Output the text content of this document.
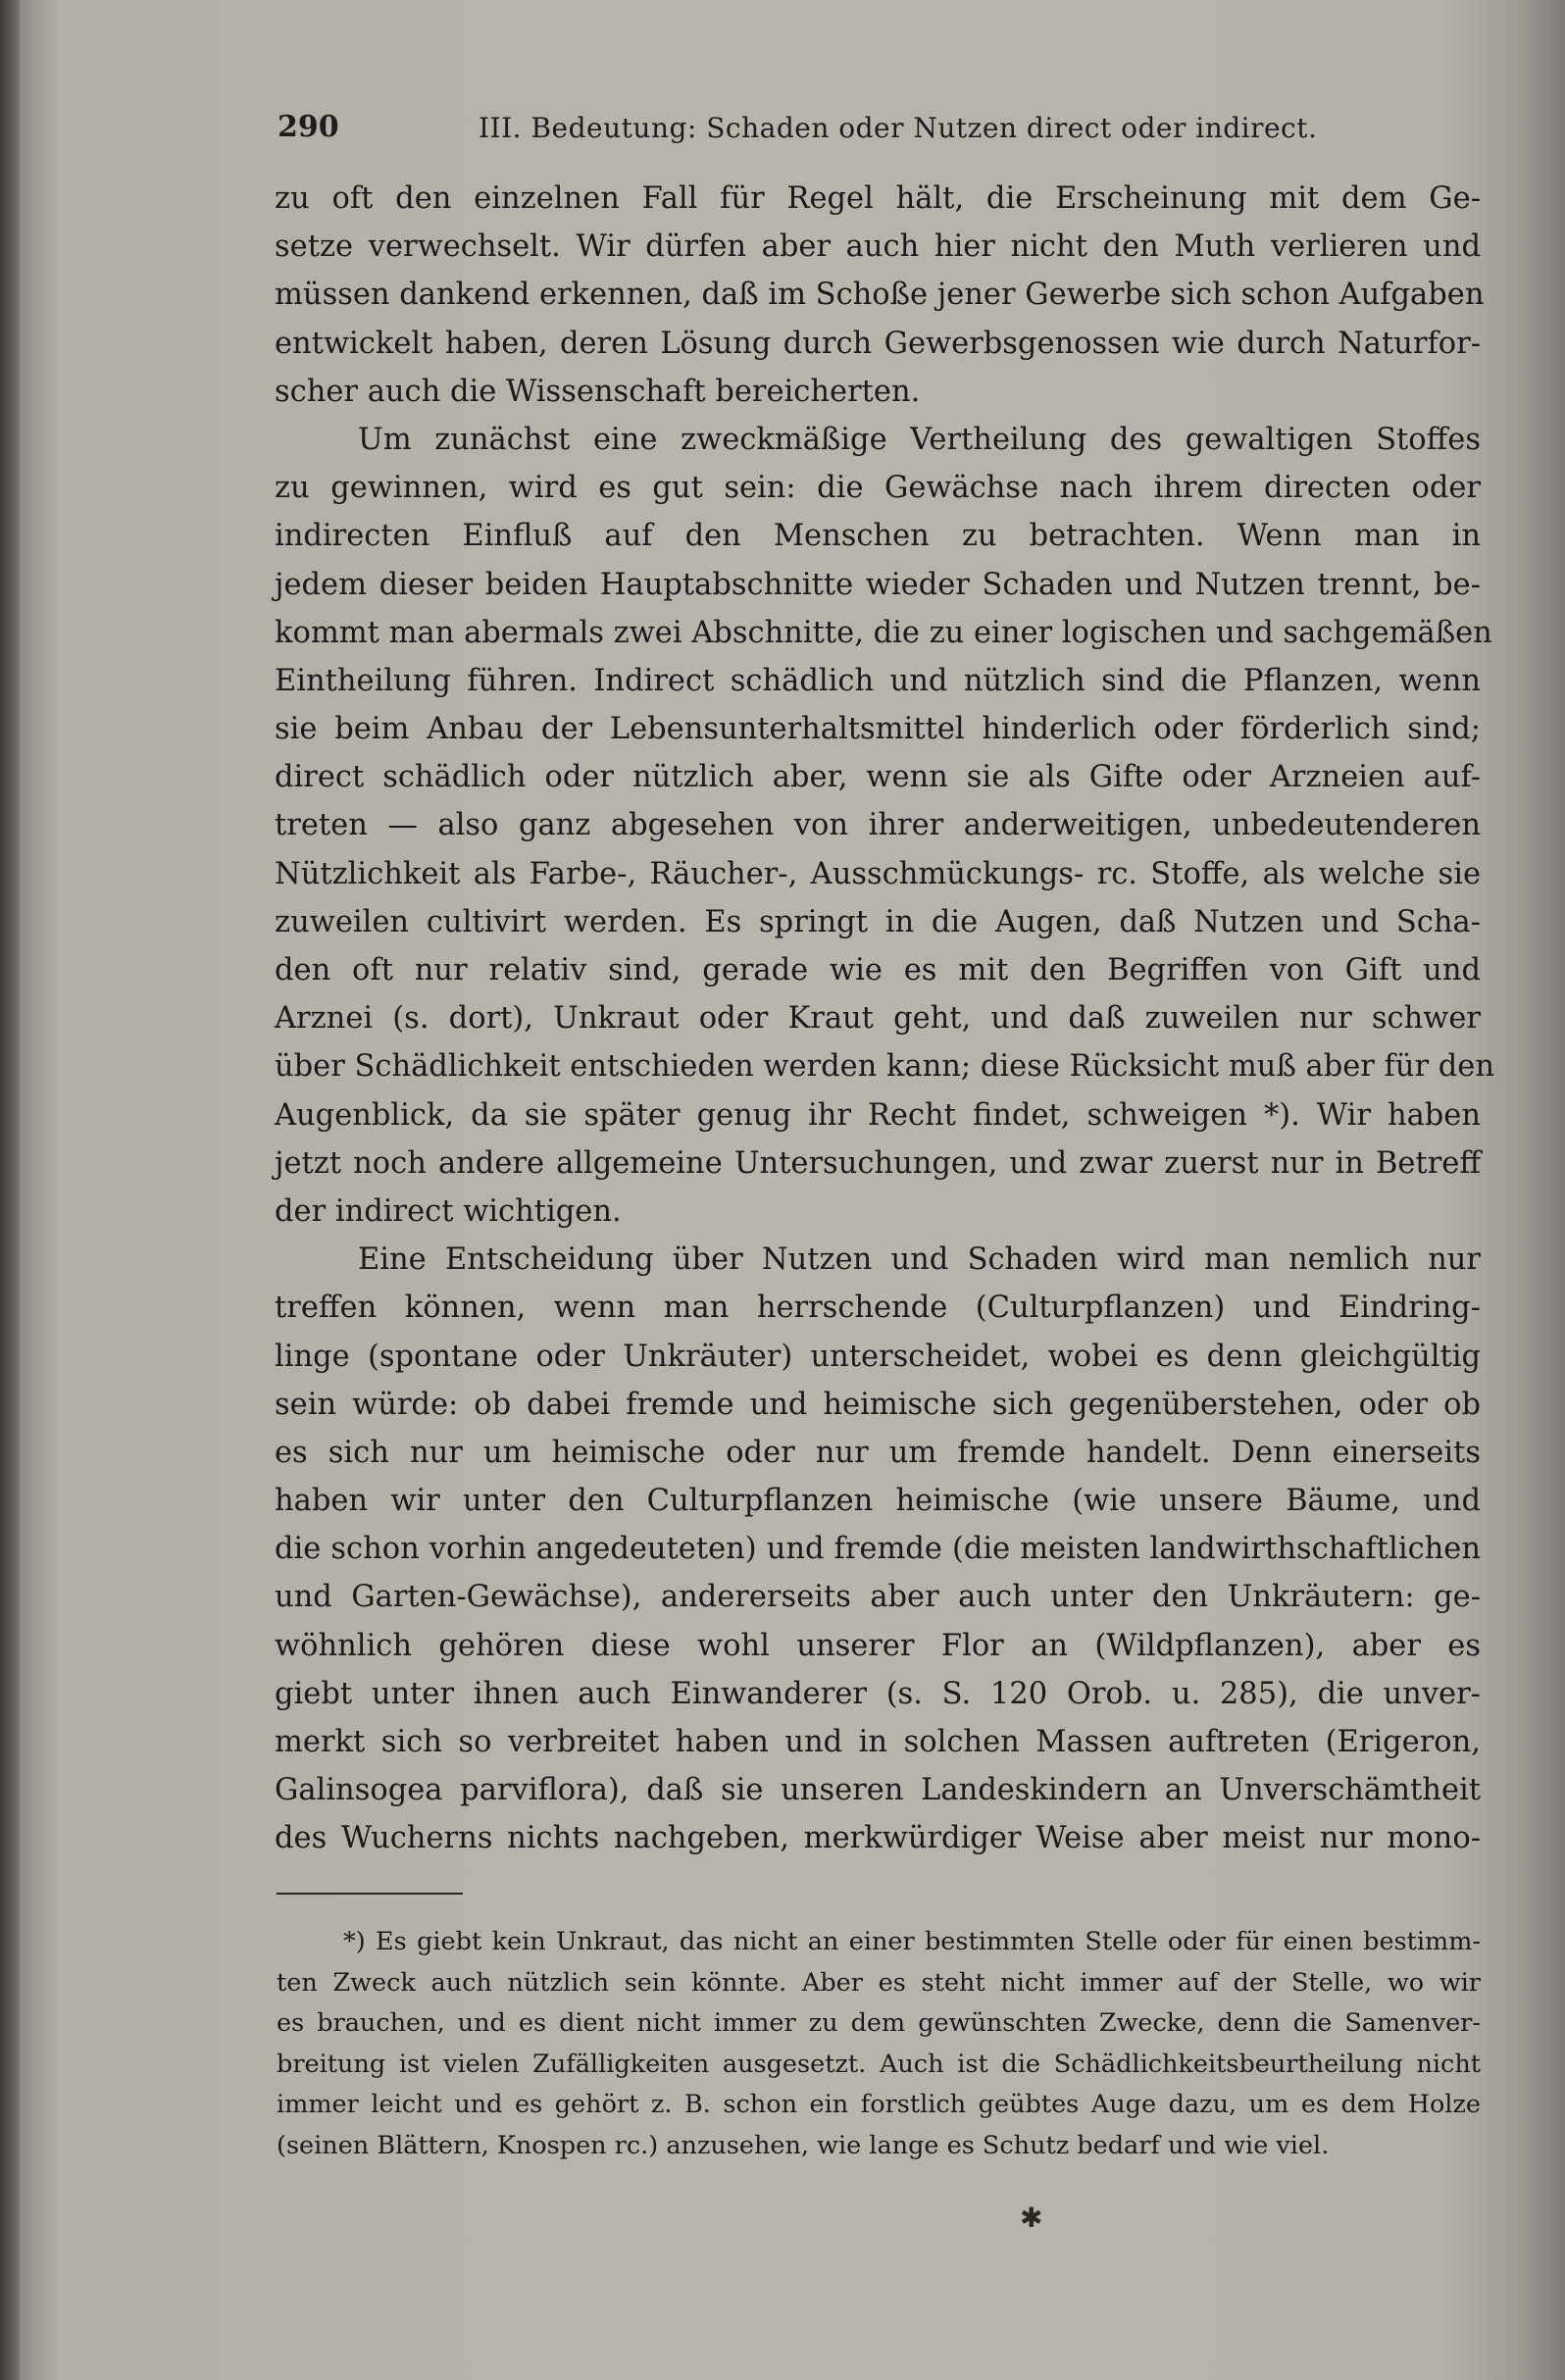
290	III. Bedeutung: Schaden oder Nutzen direct oder indirect.
zu oft den einzelnen Fall für Regel hält, die Erscheinung mit dem Ge-
setze verwechselt. Wir dürfen aber auch hier nicht den Muth verlieren und
müssen dankend erkennen, daß im Schoße jener Gewerbe sich schon Aufgaben
entwickelt haben, deren Lösung durch Gewerbsgenossen wie durch Naturfor-
scher auch die Wissenschaft bereicherten.
Um zunächst eine zweckmäßige Vertheilung des gewaltigen Stoffes
zu gewinnen, wird es gut sein: die Gewächse nach ihrem directen oder
indirecten Einfluß auf den Menschen zu betrachten. Wenn man in
jedem dieser beiden Hauptabschnitte wieder Schaden und Nutzen trennt, be-
kommt man abermals zwei Abschnitte, die zu einer logischen und sachgemäßen
Eintheilung führen. Indirect schädlich und nützlich sind die Pflanzen, wenn
sie beim Anbau der Lebensunterhaltsmittel hinderlich oder förderlich sind;
direct schädlich oder nützlich aber, wenn sie als Gifte oder Arzneien auf-
treten — also ganz abgesehen von ihrer anderweitigen, unbedeutenderen
Nützlichkeit als Farbe-, Räucher-, Ausschmückungs- rc. Stoffe, als welche sie
zuweilen cultivirt werden. Es springt in die Augen, daß Nutzen und Scha-
den oft nur relativ sind, gerade wie es mit den Begriffen von Gift und
Arznei (s. dort), Unkraut oder Kraut geht, und daß zuweilen nur schwer
über Schädlichkeit entschieden werden kann; diese Rücksicht muß aber für den
Augenblick, da sie später genug ihr Recht findet, schweigen *). Wir haben
jetzt noch andere allgemeine Untersuchungen, und zwar zuerst nur in Betreff
der indirect wichtigen.
Eine Entscheidung über Nutzen und Schaden wird man nemlich nur
treffen können, wenn man herrschende (Culturpflanzen) und Eindring-
linge (spontane oder Unkräuter) unterscheidet, wobei es denn gleichgültig
sein würde: ob dabei fremde und heimische sich gegenüberstehen, oder ob
es sich nur um heimische oder nur um fremde handelt. Denn einerseits
haben wir unter den Culturpflanzen heimische (wie unsere Bäume, und
die schon vorhin angedeuteten) und fremde (die meisten landwirthschaftlichen
und Garten-Gewächse), andererseits aber auch unter den Unkräutern: ge-
wöhnlich gehören diese wohl unserer Flor an (Wildpflanzen), aber es
giebt unter ihnen auch Einwanderer (s. S. 120 Orob. u. 285), die unver-
merkt sich so verbreitet haben und in solchen Massen auftreten (Erigeron,
Galinsogea parviflora), daß sie unseren Landeskindern an Unverschämtheit
des Wucherns nichts nachgeben, merkwürdiger Weise aber meist nur mono-
*) Es giebt kein Unkraut, das nicht an einer bestimmten Stelle oder für einen bestimm-
ten Zweck auch nützlich sein könnte. Aber es steht nicht immer auf der Stelle, wo wir
es brauchen, und es dient nicht immer zu dem gewünschten Zwecke, denn die Samenver-
breitung ist vielen Zufälligkeiten ausgesetzt. Auch ist die Schädlichkeitsbeurtheilung nicht
immer leicht und es gehört z. B. schon ein forstlich geübtes Auge dazu, um es dem Holze
(seinen Blättern, Knospen rc.) anzusehen, wie lange es Schutz bedarf und wie viel.
✱
